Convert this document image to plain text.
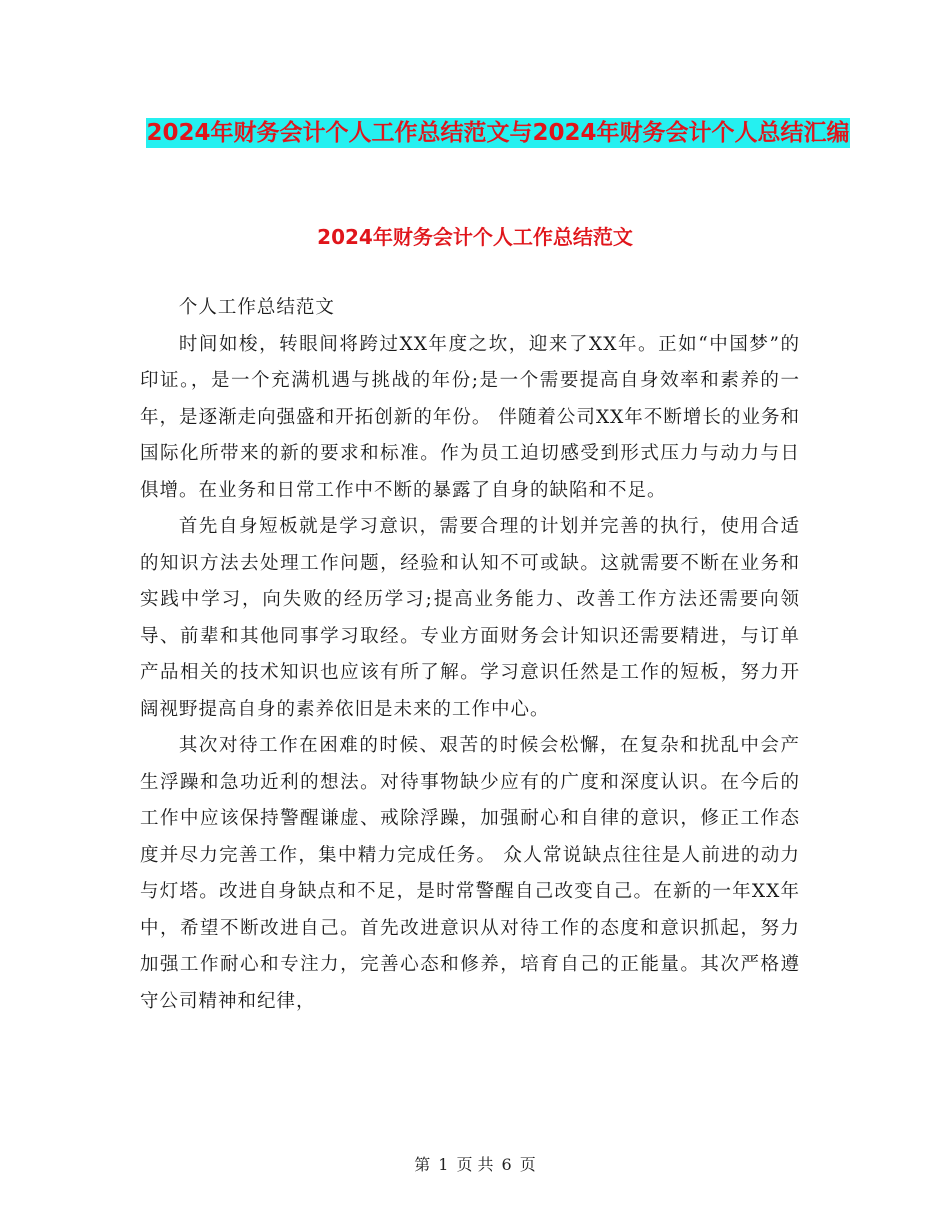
2024年财务会计个人工作总结范文与2024年财务会计个人总结汇编
2024年财务会计个人工作总结范文

个人工作总结范文

时间如梭，转眼间将跨过XX年度之坎，迎来了XX年。正如“中国梦”的印证。，是一个充满机遇与挑战的年份;是一个需要提高自身效率和素养的一年，是逐渐走向强盛和开拓创新的年份。 伴随着公司XX年不断增长的业务和国际化所带来的新的要求和标准。作为员工迫切感受到形式压力与动力与日俱增。在业务和日常工作中不断的暴露了自身的缺陷和不足。

首先自身短板就是学习意识，需要合理的计划并完善的执行，使用合适的知识方法去处理工作问题，经验和认知不可或缺。这就需要不断在业务和实践中学习，向失败的经历学习;提高业务能力、改善工作方法还需要向领导、前辈和其他同事学习取经。专业方面财务会计知识还需要精进，与订单产品相关的技术知识也应该有所了解。学习意识任然是工作的短板，努力开阔视野提高自身的素养依旧是未来的工作中心。

其次对待工作在困难的时候、艰苦的时候会松懈，在复杂和扰乱中会产生浮躁和急功近利的想法。对待事物缺少应有的广度和深度认识。在今后的工作中应该保持警醒谦虚、戒除浮躁，加强耐心和自律的意识，修正工作态度并尽力完善工作，集中精力完成任务。 众人常说缺点往往是人前进的动力与灯塔。改进自身缺点和不足，是时常警醒自己改变自己。在新的一年XX年中，希望不断改进自己。首先改进意识从对待工作的态度和意识抓起，努力加强工作耐心和专注力，完善心态和修养，培育自己的正能量。其次严格遵守公司精神和纪律，

第 1 页 共 6 页
